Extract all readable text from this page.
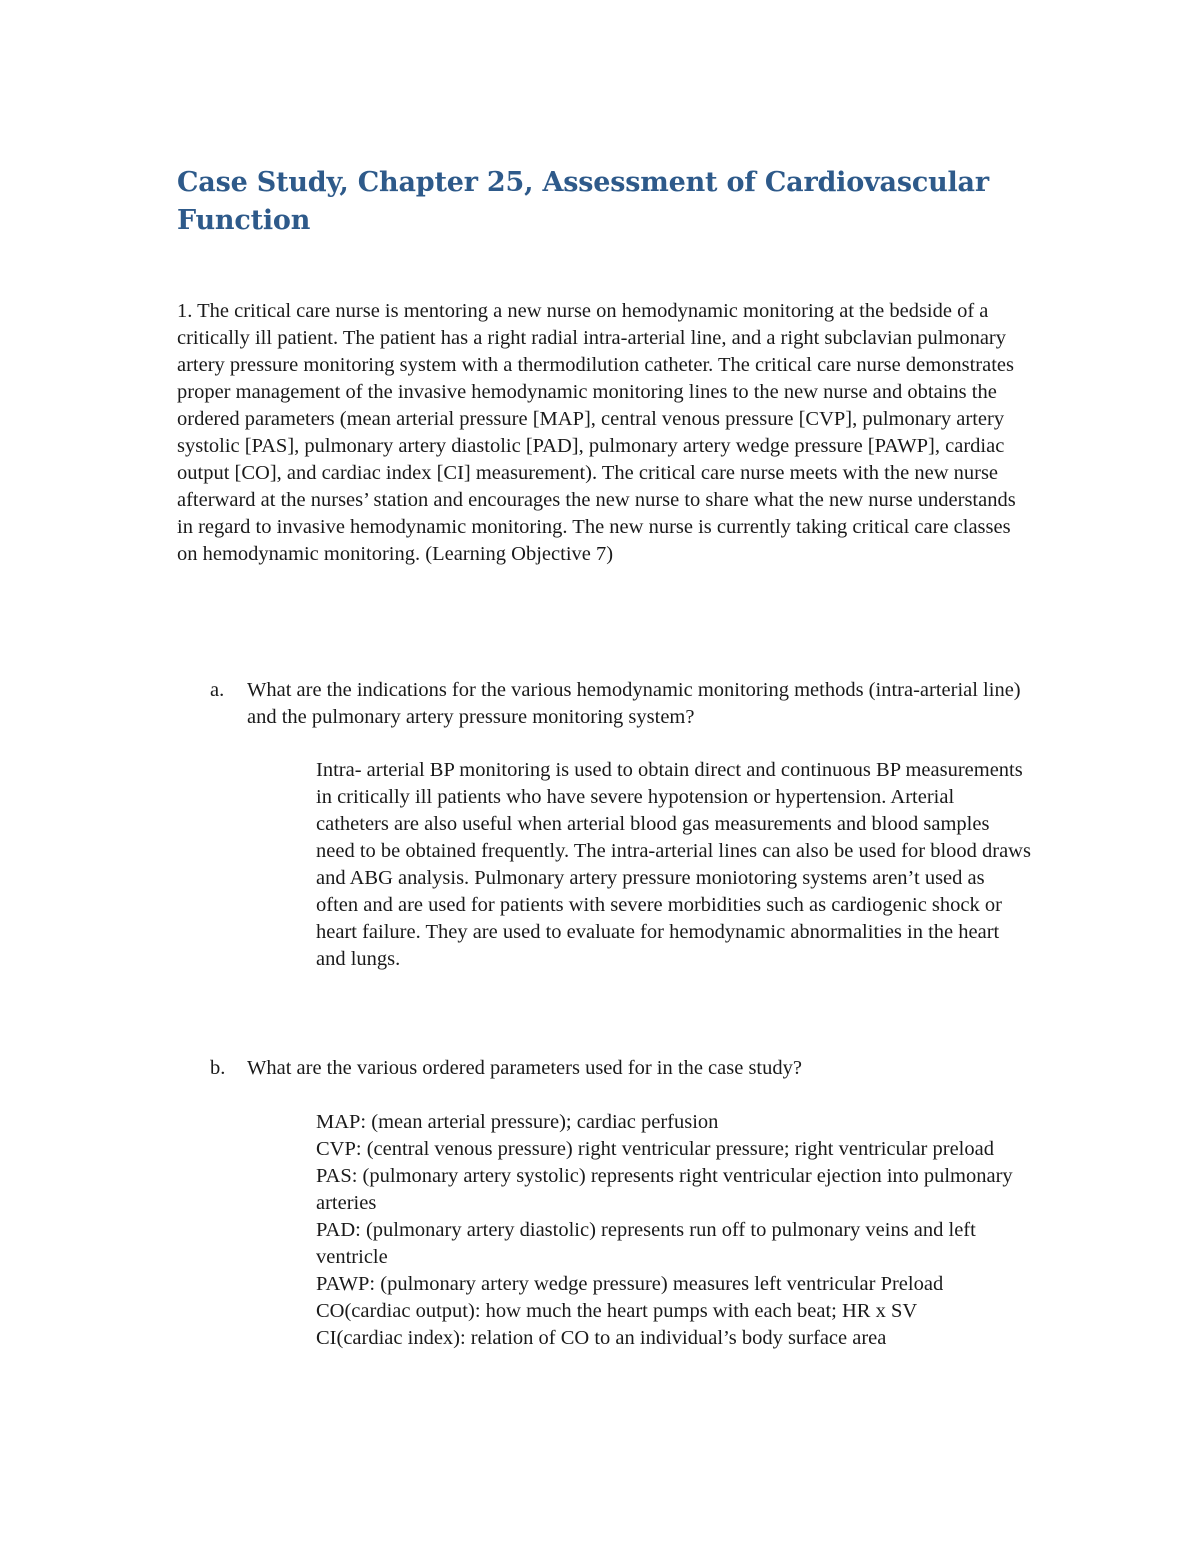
Case Study, Chapter 25, Assessment of Cardiovascular Function

1. The critical care nurse is mentoring a new nurse on hemodynamic monitoring at the bedside of a critically ill patient. The patient has a right radial intra-arterial line, and a right subclavian pulmonary artery pressure monitoring system with a thermodilution catheter. The critical care nurse demonstrates proper management of the invasive hemodynamic monitoring lines to the new nurse and obtains the ordered parameters (mean arterial pressure [MAP], central venous pressure [CVP], pulmonary artery systolic [PAS], pulmonary artery diastolic [PAD], pulmonary artery wedge pressure [PAWP], cardiac output [CO], and cardiac index [CI] measurement). The critical care nurse meets with the new nurse afterward at the nurses’ station and encourages the new nurse to share what the new nurse understands in regard to invasive hemodynamic monitoring. The new nurse is currently taking critical care classes on hemodynamic monitoring. (Learning Objective 7)

a. What are the indications for the various hemodynamic monitoring methods (intra-arterial line) and the pulmonary artery pressure monitoring system?

Intra- arterial BP monitoring is used to obtain direct and continuous BP measurements in critically ill patients who have severe hypotension or hypertension. Arterial catheters are also useful when arterial blood gas measurements and blood samples need to be obtained frequently. The intra-arterial lines can also be used for blood draws and ABG analysis. Pulmonary artery pressure moniotoring systems aren’t used as often and are used for patients with severe morbidities such as cardiogenic shock or heart failure. They are used to evaluate for hemodynamic abnormalities in the heart and lungs.

b. What are the various ordered parameters used for in the case study?
MAP: (mean arterial pressure); cardiac perfusion
CVP: (central venous pressure) right ventricular pressure; right ventricular preload
PAS: (pulmonary artery systolic) represents right ventricular ejection into pulmonary arteries
PAD: (pulmonary artery diastolic) represents run off to pulmonary veins and left ventricle
PAWP: (pulmonary artery wedge pressure) measures left ventricular Preload
CO(cardiac output): how much the heart pumps with each beat; HR x SV
CI(cardiac index): relation of CO to an individual’s body surface area
